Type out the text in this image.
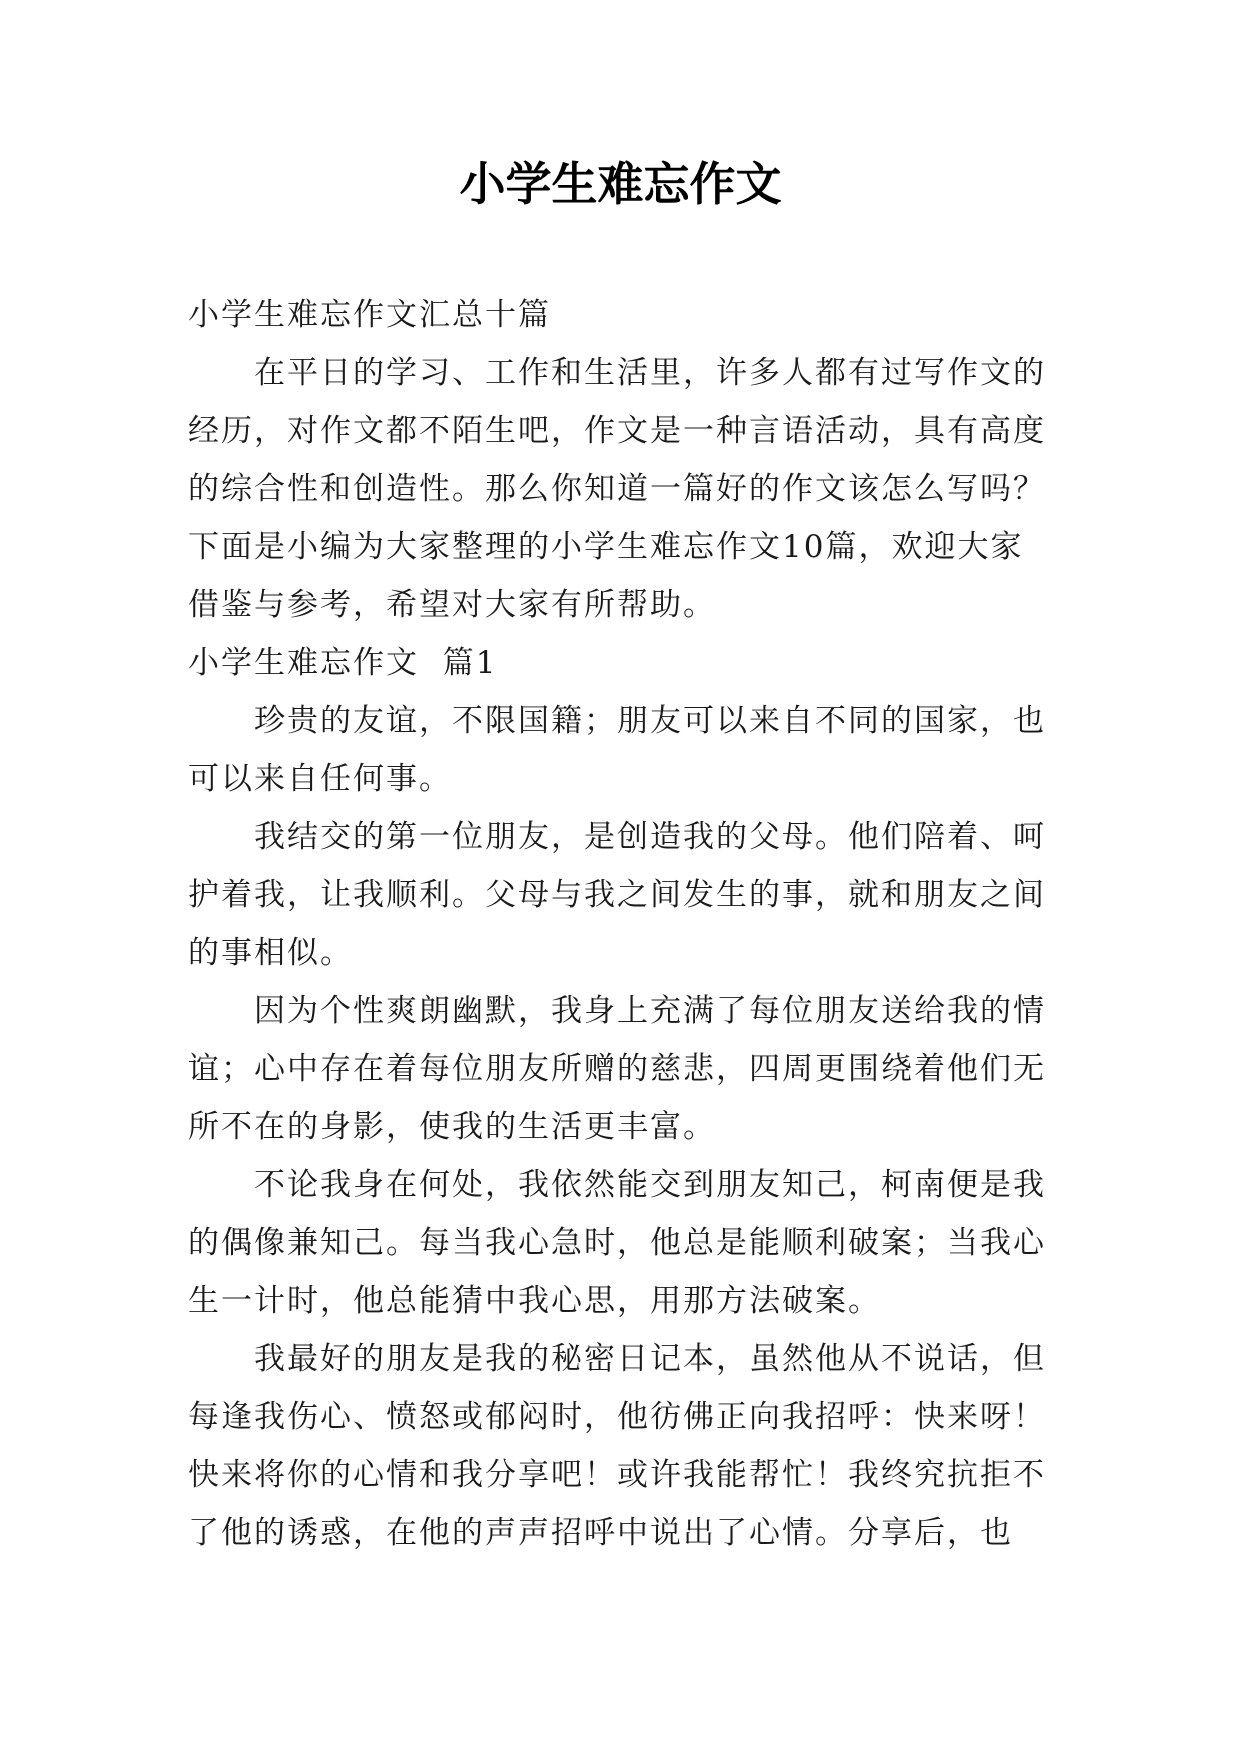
小学生难忘作文

小学生难忘作文汇总十篇

在平日的学习、工作和生活里，许多人都有过写作文的经历，对作文都不陌生吧，作文是一种言语活动，具有高度的综合性和创造性。那么你知道一篇好的作文该怎么写吗？下面是小编为大家整理的小学生难忘作文10篇，欢迎大家借鉴与参考，希望对大家有所帮助。

小学生难忘作文  篇1

珍贵的友谊，不限国籍；朋友可以来自不同的国家，也可以来自任何事。

我结交的第一位朋友，是创造我的父母。他们陪着、呵护着我，让我顺利。父母与我之间发生的事，就和朋友之间的事相似。

因为个性爽朗幽默，我身上充满了每位朋友送给我的情谊；心中存在着每位朋友所赠的慈悲，四周更围绕着他们无所不在的身影，使我的生活更丰富。

不论我身在何处，我依然能交到朋友知己，柯南便是我的偶像兼知己。每当我心急时，他总是能顺利破案；当我心生一计时，他总能猜中我心思，用那方法破案。

我最好的朋友是我的秘密日记本，虽然他从不说话，但每逢我伤心、愤怒或郁闷时，他彷佛正向我招呼：快来呀！快来将你的心情和我分享吧！或许我能帮忙！我终究抗拒不了他的诱惑，在他的声声招呼中说出了心情。分享后，也
